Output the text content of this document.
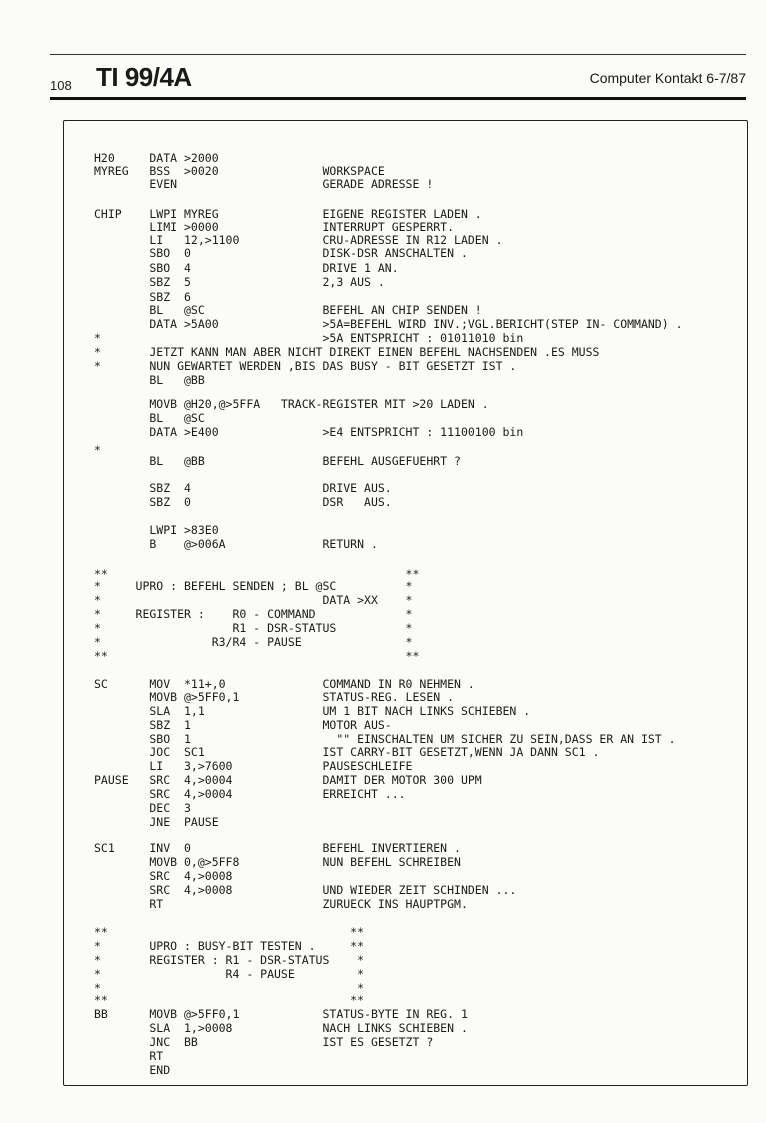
108 TI 99/4A	Computer Kontakt 6-7/87
H20     DATA >2000
MYREG   BSS  >0020               WORKSPACE
EVEN                     GERADE ADRESSE !
CHIP    LWPI MYREG               EIGENE REGISTER LADEN .
LIMI >0000               INTERRUPT GESPERRT.
LI   12,>1100            CRU-ADRESSE IN R12 LADEN .
SBO  0                   DISK-DSR ANSCHALTEN .
SBO  4                   DRIVE 1 AN.
SBZ  5                   2,3 AUS .
SBZ  6
BL   @SC                 BEFEHL AN CHIP SENDEN !
DATA >5A00               >5A=BEFEHL WIRD INV.;VGL.BERICHT(STEP IN- COMMAND) .
*                                >5A ENTSPRICHT : 01011010 bin
*       JETZT KANN MAN ABER NICHT DIREKT EINEN BEFEHL NACHSENDEN .ES MUSS
*       NUN GEWARTET WERDEN ,BIS DAS BUSY - BIT GESETZT IST .
BL   @BB
MOVB @H20,@>5FFA   TRACK-REGISTER MIT >20 LADEN .
BL   @SC
DATA >E400               >E4 ENTSPRICHT : 11100100 bin
*
BL   @BB                 BEFEHL AUSGEFUEHRT ?
SBZ  4                   DRIVE AUS.
SBZ  0                   DSR   AUS.
LWPI >83E0
B    @>006A              RETURN .
**                                           **
*     UPRO : BEFEHL SENDEN ; BL @SC          *
*                                DATA >XX    *
*     REGISTER :    R0 - COMMAND             *
*                   R1 - DSR-STATUS          *
*                R3/R4 - PAUSE               *
**                                           **
SC      MOV  *11+,0              COMMAND IN R0 NEHMEN .
MOVB @>5FF0,1            STATUS-REG. LESEN .
SLA  1,1                 UM 1 BIT NACH LINKS SCHIEBEN .
SBZ  1                   MOTOR AUS-
SBO  1                     "" EINSCHALTEN UM SICHER ZU SEIN,DASS ER AN IST .
JOC  SC1                 IST CARRY-BIT GESETZT,WENN JA DANN SC1 .
LI   3,>7600             PAUSESCHLEIFE
PAUSE   SRC  4,>0004             DAMIT DER MOTOR 300 UPM
SRC  4,>0004             ERREICHT ...
DEC  3
JNE  PAUSE
SC1     INV  0                   BEFEHL INVERTIEREN .
MOVB 0,@>5FF8            NUN BEFEHL SCHREIBEN
SRC  4,>0008
SRC  4,>0008             UND WIEDER ZEIT SCHINDEN ...
RT                       ZURUECK INS HAUPTPGM.
**                                   **
*       UPRO : BUSY-BIT TESTEN .     **
*       REGISTER : R1 - DSR-STATUS    *
*                  R4 - PAUSE         *
*                                     *
**                                   **
BB      MOVB @>5FF0,1            STATUS-BYTE IN REG. 1
SLA  1,>0008             NACH LINKS SCHIEBEN .
JNC  BB                  IST ES GESETZT ?
RT
END
